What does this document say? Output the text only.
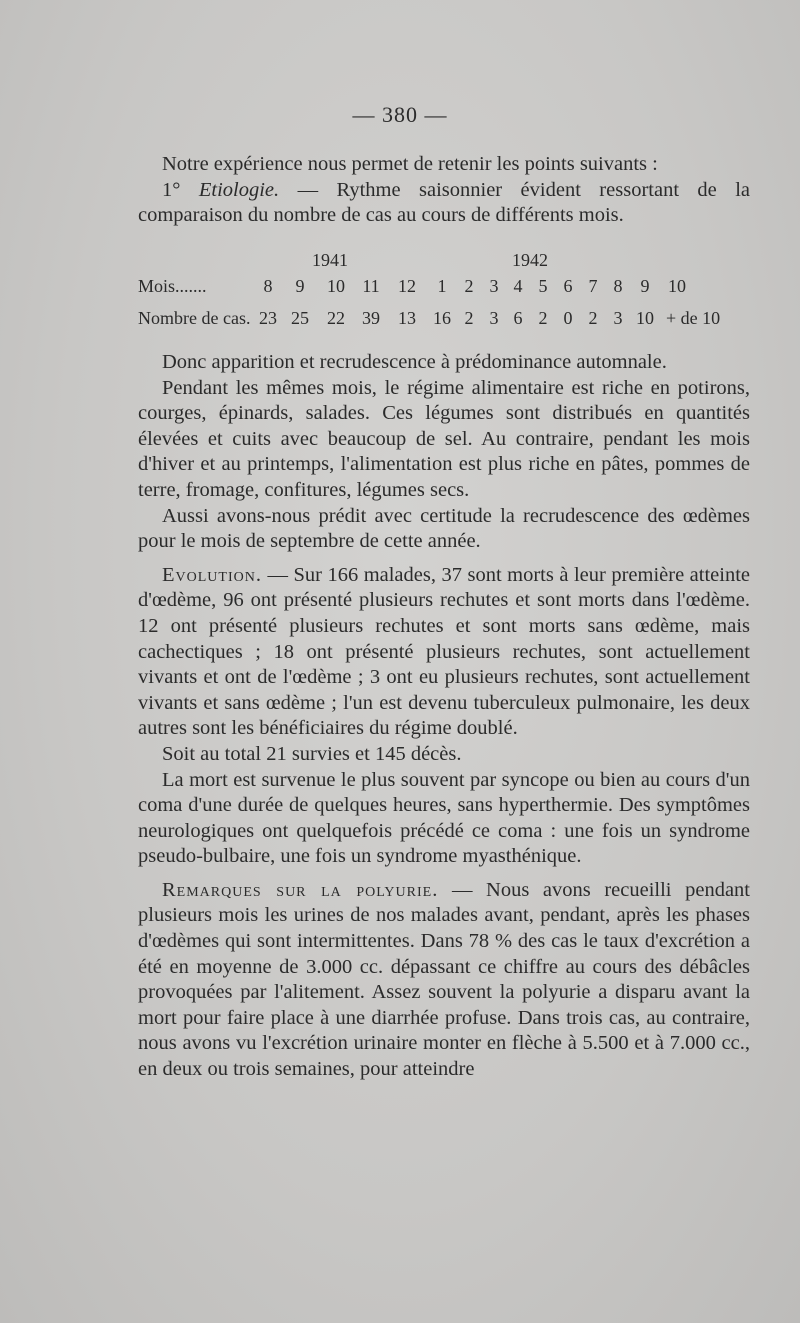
— 380 —

Notre expérience nous permet de retenir les points suivants :

1° Etiologie. — Rythme saisonnier évident ressortant de la comparaison du nombre de cas au cours de différents mois.

1941	1942
Mois.......	8	9	10 11	12	1	2 3 4 5 6 7 8	9	10
Nombre de cas. 23 25	22 39	13 16 2 3 6 2 0 2 3 10 + de 10

Donc apparition et recrudescence à prédominance automnale.

Pendant les mêmes mois, le régime alimentaire est riche en potirons, courges, épinards, salades. Ces légumes sont distribués en quantités élevées et cuits avec beaucoup de sel. Au contraire, pendant les mois d'hiver et au printemps, l'alimentation est plus riche en pâtes, pommes de terre, fromage, confitures, légumes secs.

Aussi avons-nous prédit avec certitude la recrudescence des œdèmes pour le mois de septembre de cette année.

Evolution. — Sur 166 malades, 37 sont morts à leur première atteinte d'œdème, 96 ont présenté plusieurs rechutes et sont morts dans l'œdème. 12 ont présenté plusieurs rechutes et sont morts sans œdème, mais cachectiques ; 18 ont présenté plusieurs rechutes, sont actuellement vivants et ont de l'œdème ; 3 ont eu plusieurs rechutes, sont actuellement vivants et sans œdème ; l'un est devenu tuberculeux pulmonaire, les deux autres sont les bénéficiaires du régime doublé.

Soit au total 21 survies et 145 décès.

La mort est survenue le plus souvent par syncope ou bien au cours d'un coma d'une durée de quelques heures, sans hyperthermie. Des symptômes neurologiques ont quelquefois précédé ce coma : une fois un syndrome pseudo-bulbaire, une fois un syndrome myasthénique.

Remarques sur la polyurie. — Nous avons recueilli pendant plusieurs mois les urines de nos malades avant, pendant, après les phases d'œdèmes qui sont intermittentes. Dans 78 % des cas le taux d'excrétion a été en moyenne de 3.000 cc. dépassant ce chiffre au cours des débâcles provoquées par l'alitement. Assez souvent la polyurie a disparu avant la mort pour faire place à une diarrhée profuse. Dans trois cas, au contraire, nous avons vu l'excrétion urinaire monter en flèche à 5.500 et à 7.000 cc., en deux ou trois semaines, pour atteindre
